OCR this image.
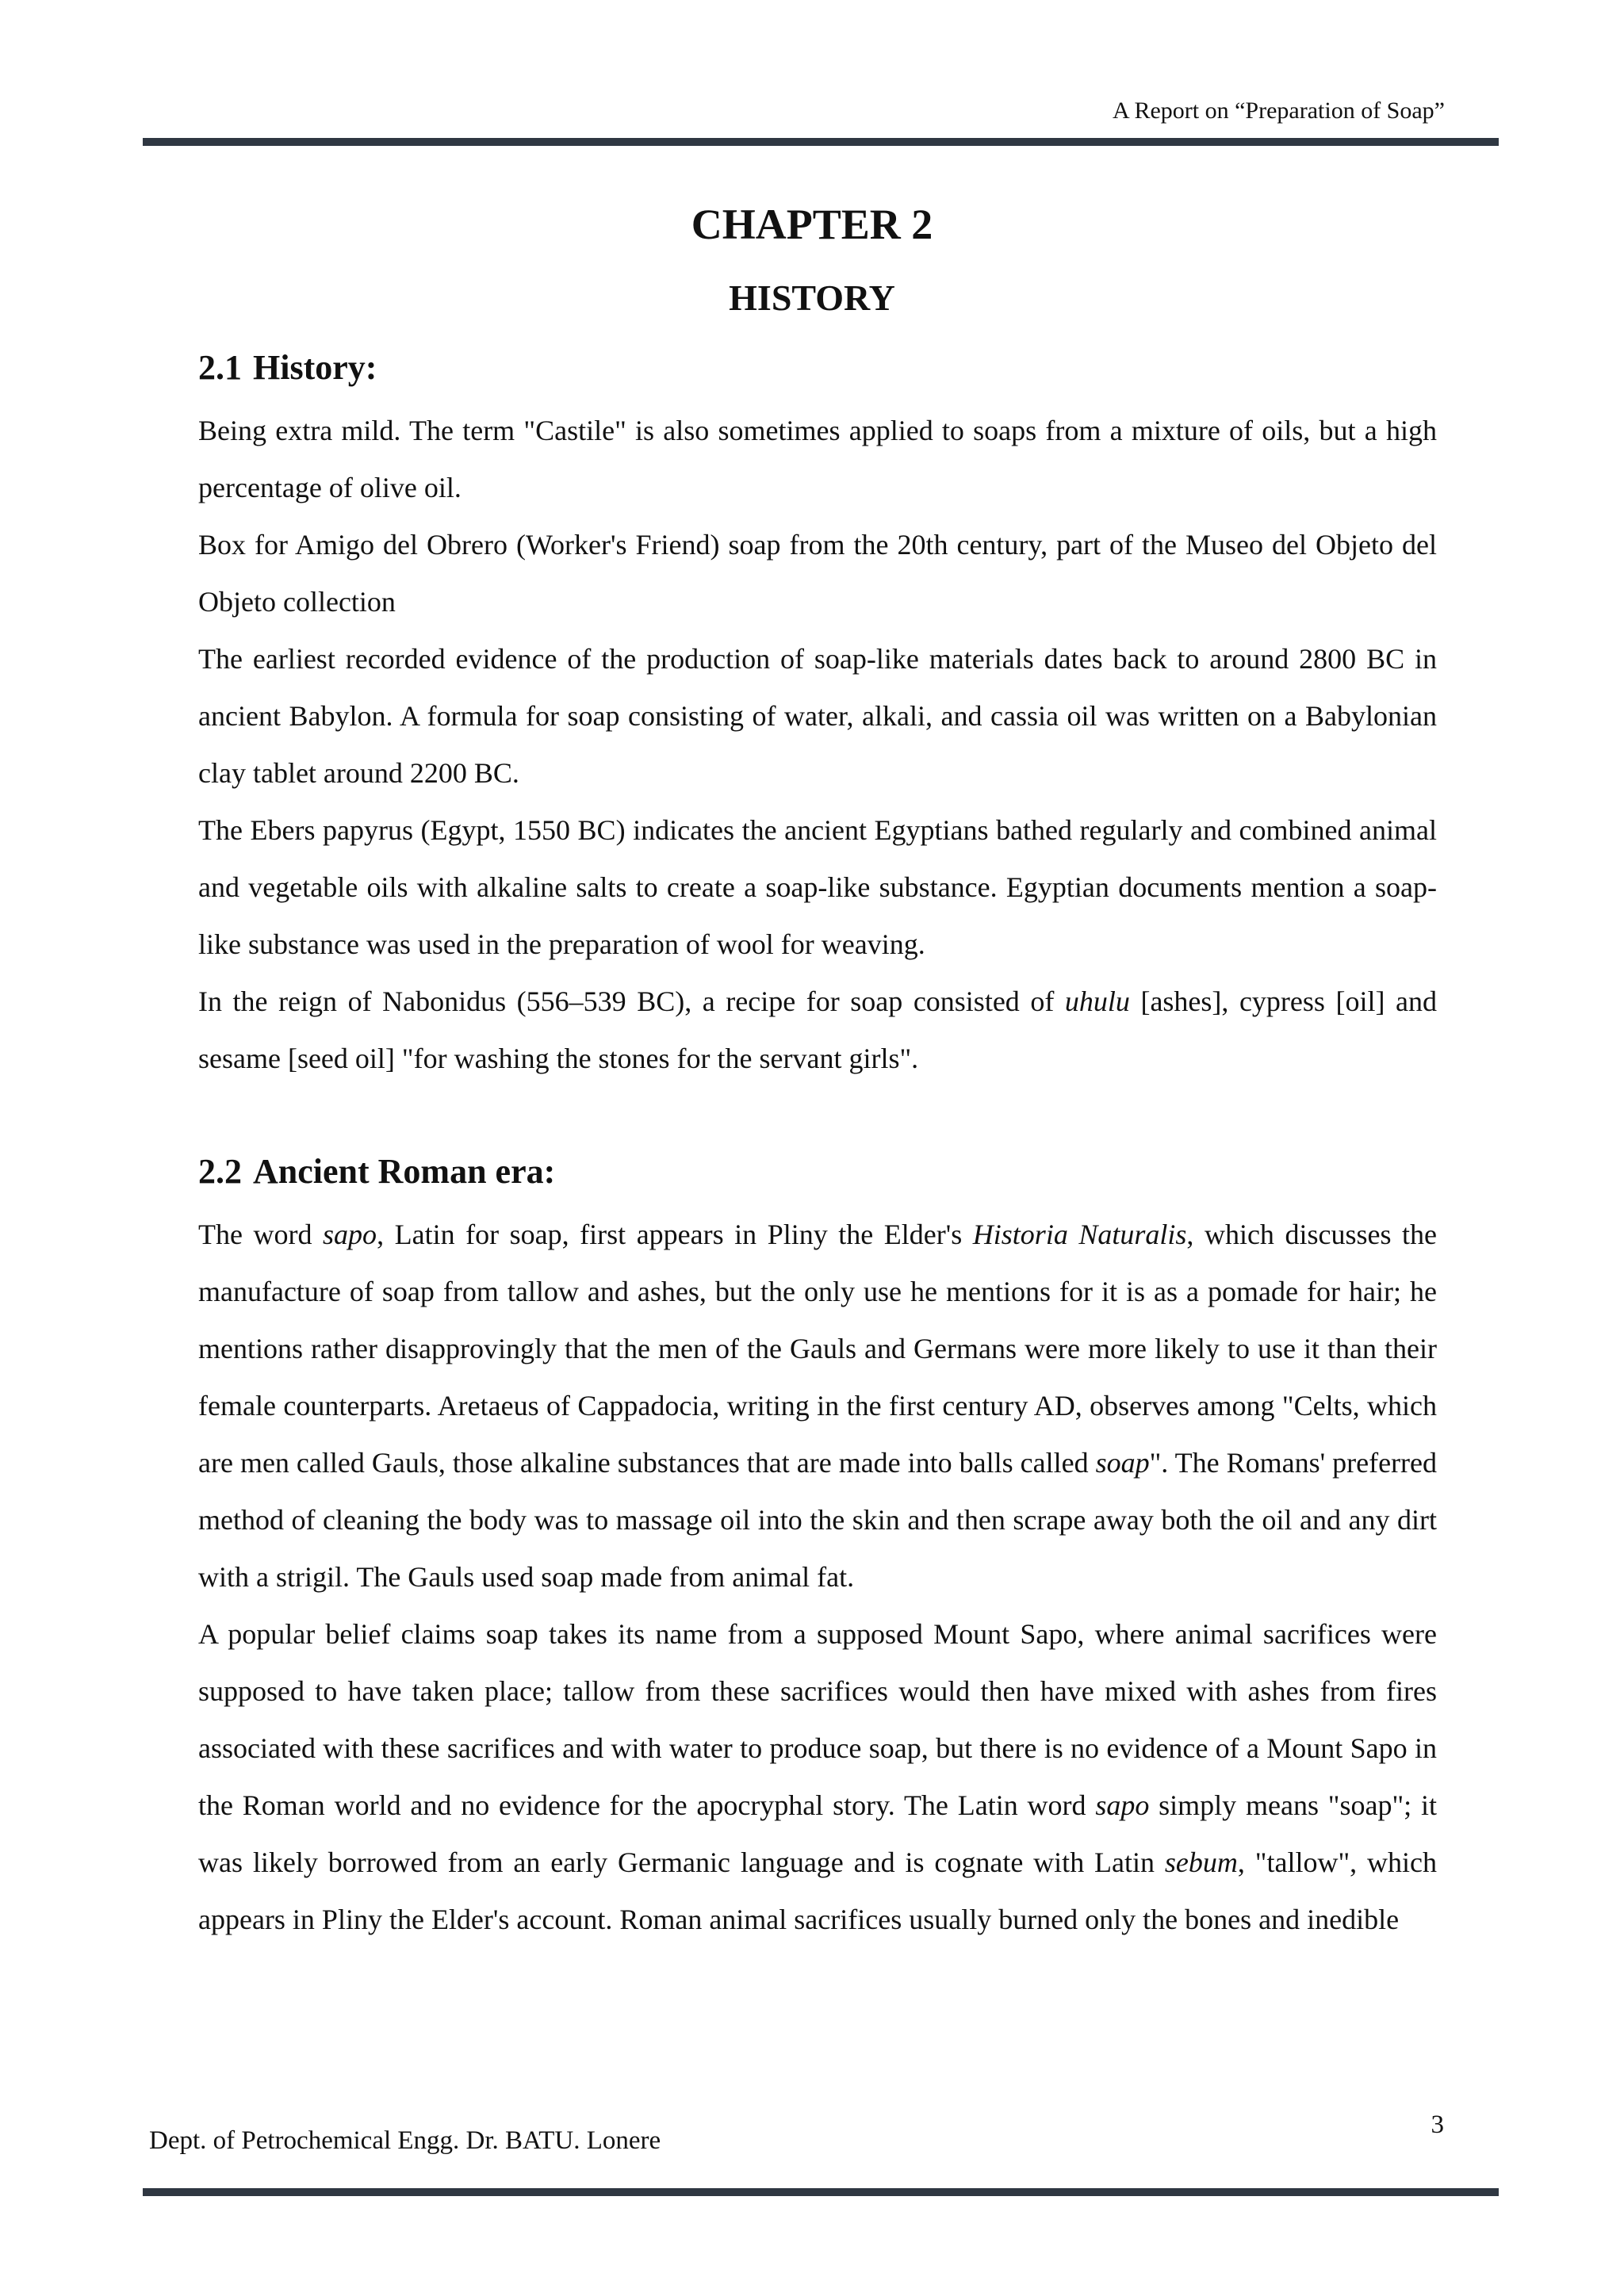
A Report on “Preparation of Soap”
CHAPTER 2
HISTORY
2.1 History:

Being extra mild. The term "Castile" is also sometimes applied to soaps from a mixture of oils, but a high percentage of olive oil.

Box for Amigo del Obrero (Worker's Friend) soap from the 20th century, part of the Museo del Objeto del Objeto collection

The earliest recorded evidence of the production of soap-like materials dates back to around 2800 BC in ancient Babylon. A formula for soap consisting of water, alkali, and cassia oil was written on a Babylonian clay tablet around 2200 BC.

The Ebers papyrus (Egypt, 1550 BC) indicates the ancient Egyptians bathed regularly and combined animal and vegetable oils with alkaline salts to create a soap-like substance. Egyptian documents mention a soap-like substance was used in the preparation of wool for weaving.

In the reign of Nabonidus (556–539 BC), a recipe for soap consisted of uhulu [ashes], cypress [oil] and sesame [seed oil] "for washing the stones for the servant girls".

2.2 Ancient Roman era:

The word sapo, Latin for soap, first appears in Pliny the Elder's Historia Naturalis, which discusses the manufacture of soap from tallow and ashes, but the only use he mentions for it is as a pomade for hair; he mentions rather disapprovingly that the men of the Gauls and Germans were more likely to use it than their female counterparts. Aretaeus of Cappadocia, writing in the first century AD, observes among "Celts, which are men called Gauls, those alkaline substances that are made into balls called soap". The Romans' preferred method of cleaning the body was to massage oil into the skin and then scrape away both the oil and any dirt with a strigil. The Gauls used soap made from animal fat.

A popular belief claims soap takes its name from a supposed Mount Sapo, where animal sacrifices were supposed to have taken place; tallow from these sacrifices would then have mixed with ashes from fires associated with these sacrifices and with water to produce soap, but there is no evidence of a Mount Sapo in the Roman world and no evidence for the apocryphal story. The Latin word sapo simply means "soap"; it was likely borrowed from an early Germanic language and is cognate with Latin sebum, "tallow", which appears in Pliny the Elder's account. Roman animal sacrifices usually burned only the bones and inedible

Dept. of Petrochemical Engg. Dr. BATU. Lonere
3
